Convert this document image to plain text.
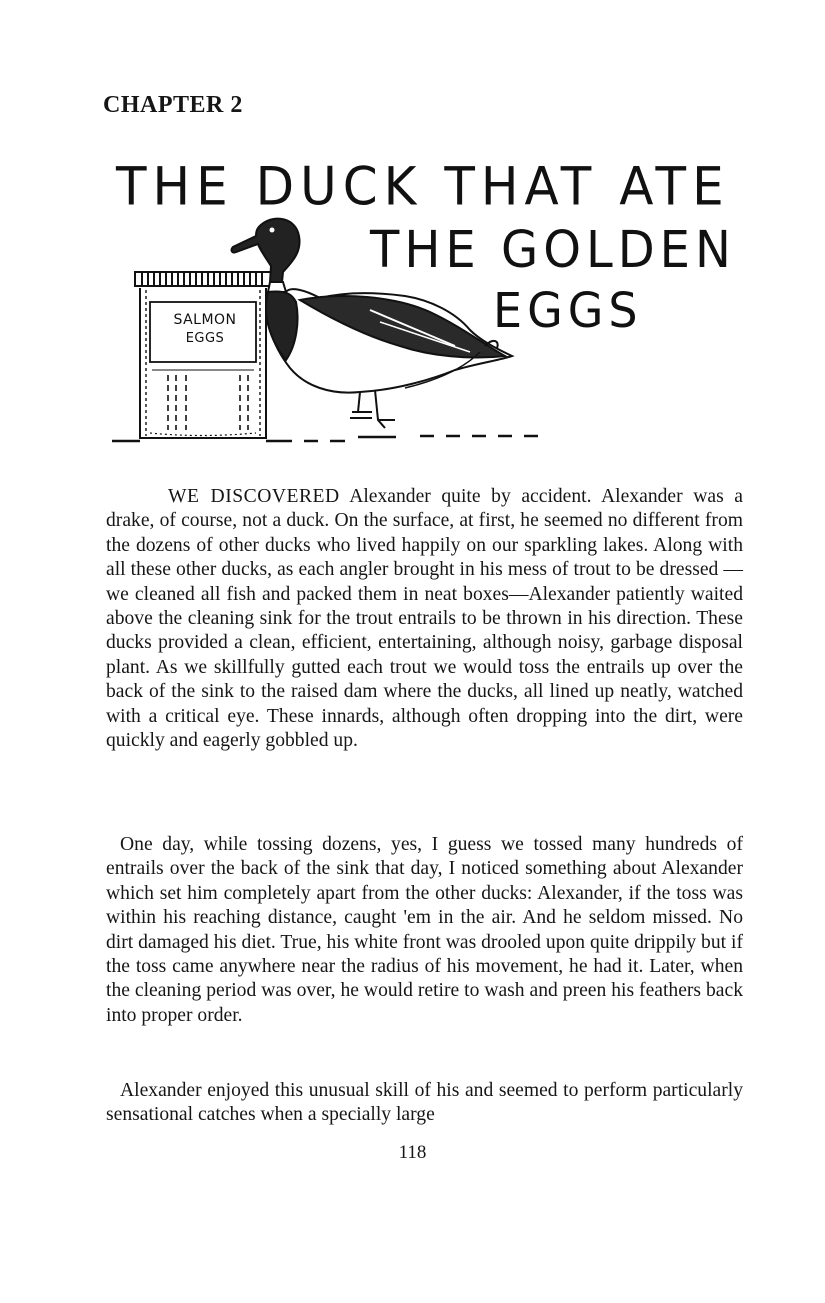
CHAPTER 2
THE DUCK THAT ATE
THE GOLDEN
EGGS
SALMON
EGGS

WE DISCOVERED Alexander quite by accident. Alexander was a drake, of course, not a duck. On the surface, at first, he seemed no different from the dozens of other ducks who lived happily on our sparkling lakes. Along with all these other ducks, as each angler brought in his mess of trout to be dressed —we cleaned all fish and packed them in neat boxes—Alexander patiently waited above the cleaning sink for the trout entrails to be thrown in his direction. These ducks provided a clean, efficient, entertaining, although noisy, garbage disposal plant. As we skillfully gutted each trout we would toss the entrails up over the back of the sink to the raised dam where the ducks, all lined up neatly, watched with a critical eye. These innards, although often dropping into the dirt, were quickly and eagerly gobbled up.

One day, while tossing dozens, yes, I guess we tossed many hundreds of entrails over the back of the sink that day, I noticed something about Alexander which set him completely apart from the other ducks: Alexander, if the toss was within his reaching distance, caught 'em in the air. And he seldom missed. No dirt damaged his diet. True, his white front was drooled upon quite drippily but if the toss came anywhere near the radius of his movement, he had it. Later, when the cleaning period was over, he would retire to wash and preen his feathers back into proper order.

Alexander enjoyed this unusual skill of his and seemed to perform particularly sensational catches when a specially large

118
